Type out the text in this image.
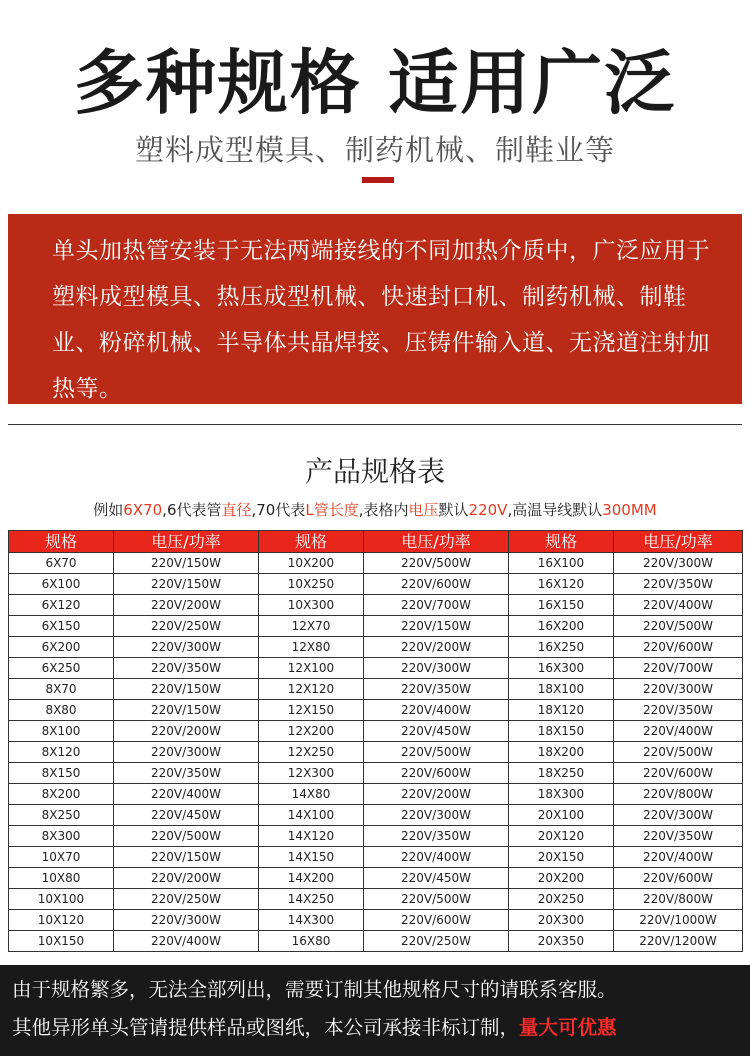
多种规格 适用广泛
塑料成型模具、制药机械、制鞋业等
单头加热管安装于无法两端接线的不同加热介质中，广泛应用于塑料成型模具、热压成型机械、快速封口机、制药机械、制鞋业、粉碎机械、半导体共晶焊接、压铸件输入道、无浇道注射加热等。
产品规格表
例如6X70,6代表管直径,70代表L管长度,表格内电压默认220V,高温导线默认300MM
规格	电压/功率	规格	电压/功率	规格	电压/功率
6X70	220V/150W	10X200	220V/500W	16X100	220V/300W
6X100	220V/150W	10X250	220V/600W	16X120	220V/350W
6X120	220V/200W	10X300	220V/700W	16X150	220V/400W
6X150	220V/250W	12X70	220V/150W	16X200	220V/500W
6X200	220V/300W	12X80	220V/200W	16X250	220V/600W
6X250	220V/350W	12X100	220V/300W	16X300	220V/700W
8X70	220V/150W	12X120	220V/350W	18X100	220V/300W
8X80	220V/150W	12X150	220V/400W	18X120	220V/350W
8X100	220V/200W	12X200	220V/450W	18X150	220V/400W
8X120	220V/300W	12X250	220V/500W	18X200	220V/500W
8X150	220V/350W	12X300	220V/600W	18X250	220V/600W
8X200	220V/400W	14X80	220V/200W	18X300	220V/800W
8X250	220V/450W	14X100	220V/300W	20X100	220V/300W
8X300	220V/500W	14X120	220V/350W	20X120	220V/350W
10X70	220V/150W	14X150	220V/400W	20X150	220V/400W
10X80	220V/200W	14X200	220V/450W	20X200	220V/600W
10X100	220V/250W	14X250	220V/500W	20X250	220V/800W
10X120	220V/300W	14X300	220V/600W	20X300	220V/1000W
10X150	220V/400W	16X80	220V/250W	20X350	220V/1200W
由于规格繁多，无法全部列出，需要订制其他规格尺寸的请联系客服。
其他异形单头管请提供样品或图纸，本公司承接非标订制，量大可优惠
